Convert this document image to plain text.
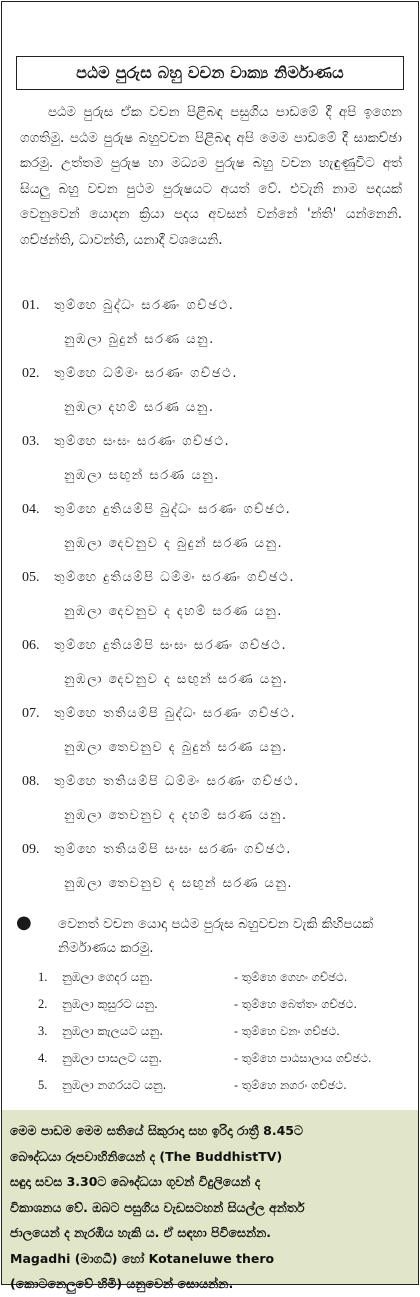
පඨම පුරුස බහු වචන වාක්‍ය නිර්මාණය

පඨම පුරුස ඒක වචන පිළිබඳ පසුගිය පාඩමේ දී අපි ඉගෙන ගගතිමු. පඨම පුරුෂ බහුවචන පිළිබඳ අපි මෙම පාඩමේ දී සාකච්ඡා කරමු. උත්තම පුරුෂ හා මධ්‍යම පුරුෂ බහු වචන හැඳුණුවිට අත් සියලු බහු වචන පුථම පුරුෂයට අයත් වේ. එවැනි නාම පදයක් වෙනුවෙන් යොදන ක්‍රියා පදය අවසන් වන්නේ 'න්ති' යන්නෙනි. ගච්ඡන්ති, ධාවන්ති, යනාදී වශයෙනි.

01. තුම්හෙ බුද්ධං සරණං ගච්ඡථ.
නුඹලා බුදුන් සරණ යනු.
02. තුම්හෙ ධම්මං සරණං ගච්ඡථ.
නුඹලා දහම් සරණ යනු.
03. තුම්හෙ සංඝං සරණං ගච්ඡථ.
නුඹලා සඟුන් සරණ යනු.
04. තුම්හෙ දුතියම්පි බුද්ධං සරණං ගච්ඡථ.
නුඹලා දෙවනුව ද බුදුන් සරණ යනු.
05. තුම්හෙ දුතියම්පි ධම්මං සරණං ගච්ඡථ.
නුඹලා දෙවනුව ද දහම් සරණ යනු.
06. තුම්හෙ දුතියම්පි සංඝං සරණං ගච්ඡථ.
නුඹලා දෙවනුව ද සඟුන් සරණ යනු.
07. තුම්හෙ තතියම්පි බුද්ධං සරණං ගච්ඡථ.
නුඹලා තෙවනුව ද බුදුන් සරණ යනු.
08. තුම්හෙ තතියම්පි ධම්මං සරණං ගච්ඡථ.
නුඹලා තෙවනුව ද දහම් සරණ යනු.
09. තුම්හෙ තතියම්පි සංඝං සරණං ගච්ඡථ.
නුඹලා තෙවනුව ද සඟුන් සරණ යනු.
● වෙනත් වචන යොදා පඨම පුරුස බහුවචන වැකි කිහිපයක් නිර්මාණය කරමු.

1. නුඹලා ගෙදර යනු.	- තුම්හෙ ගෙහං ගච්ඡථ.
2. නුඹලා කුසුරට යනු.	- තුම්හෙ බෙත්තං ගච්ඡථ.
3. නුඹලා කැලයට යනු.	- තුම්හෙ වනං ගච්ඡථ.
4. නුඹලා පාසලට යනු.	- තුම්හෙ පාඨසාලාය ගච්ඡථ.
5. නුඹලා නගරයට යනු.	- තුම්හෙ නගරං ගච්ඡථ.

මෙම පාඩම මෙම සතියේ සිකුරාදා සහ ඉරිදා රාත්‍රී 8.45ට

බෞද්ධයා රූපවාහිනියෙන් ද (The BuddhistTV)

සඳුදා සවස 3.30ට බෞද්ධයා ගුවන් විදුලියෙන් ද

විකාශනය වේ. ඔබට පසුගිය වැඩසටහන් සියල්ල අන්තර්

ජාලයෙන් ද නැරඹිය හැකි ය. ඒ සඳහා පිවිසෙන්න.

Magadhi (මාගධී) හෝ Kotaneluwe thero

(කොටනෙලුවේ හිමි) යනුවෙන් සොයන්න.
